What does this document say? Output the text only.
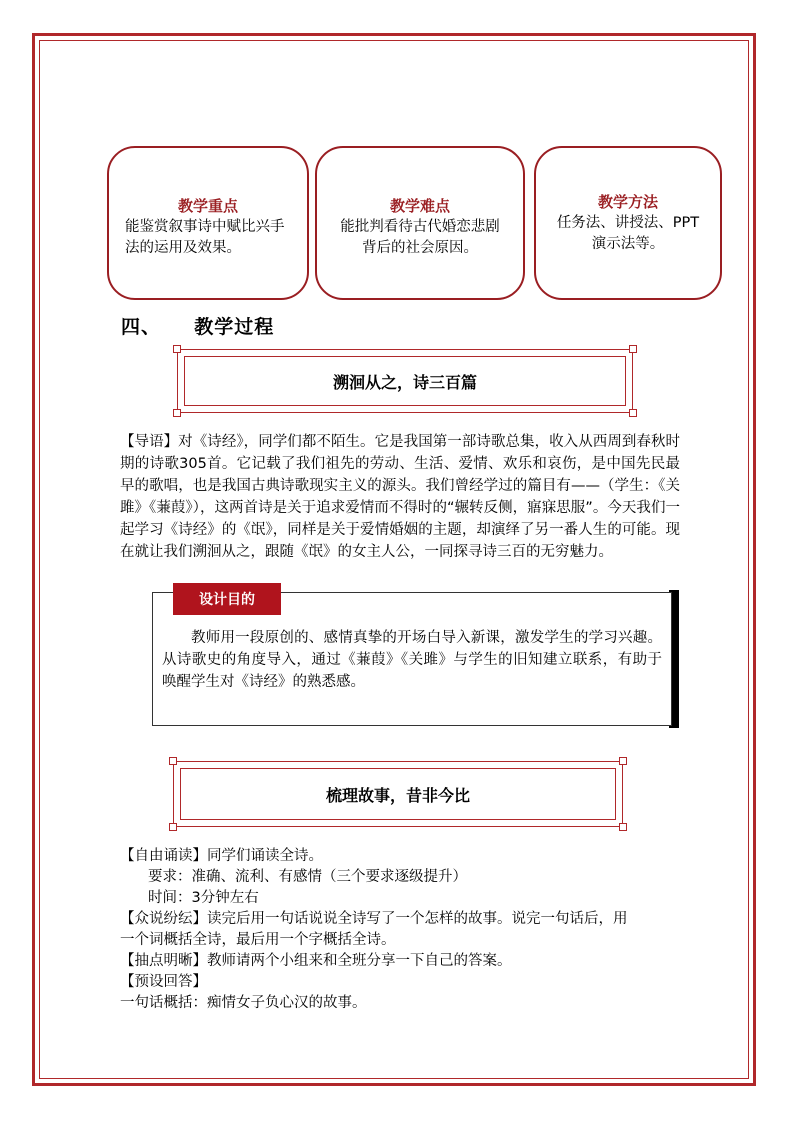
教学重点
能鉴赏叙事诗中赋比兴手法的运用及效果。
教学难点
能批判看待古代婚恋悲剧背后的社会原因。
教学方法
任务法、讲授法、PPT演示法等。
四、 教学过程
溯洄从之，诗三百篇
【导语】对《诗经》，同学们都不陌生。它是我国第一部诗歌总集，收入从西周到春秋时期的诗歌305首。它记载了我们祖先的劳动、生活、爱情、欢乐和哀伤，是中国先民最早的歌唱，也是我国古典诗歌现实主义的源头。我们曾经学过的篇目有——（学生：《关雎》《蒹葭》），这两首诗是关于追求爱情而不得时的“辗转反侧，寤寐思服”。今天我们一起学习《诗经》的《氓》，同样是关于爱情婚姻的主题，却演绎了另一番人生的可能。现在就让我们溯洄从之，跟随《氓》的女主人公，一同探寻诗三百的无穷魅力。
设计目的
教师用一段原创的、感情真挚的开场白导入新课，激发学生的学习兴趣。从诗歌史的角度导入，通过《蒹葭》《关雎》与学生的旧知建立联系，有助于唤醒学生对《诗经》的熟悉感。
梳理故事，昔非今比
【自由诵读】同学们诵读全诗。
要求：准确、流利、有感情（三个要求逐级提升）
时间：3分钟左右
【众说纷纭】读完后用一句话说说全诗写了一个怎样的故事。说完一句话后，用
一个词概括全诗，最后用一个字概括全诗。
【抽点明晰】教师请两个小组来和全班分享一下自己的答案。
【预设回答】
一句话概括：痴情女子负心汉的故事。
